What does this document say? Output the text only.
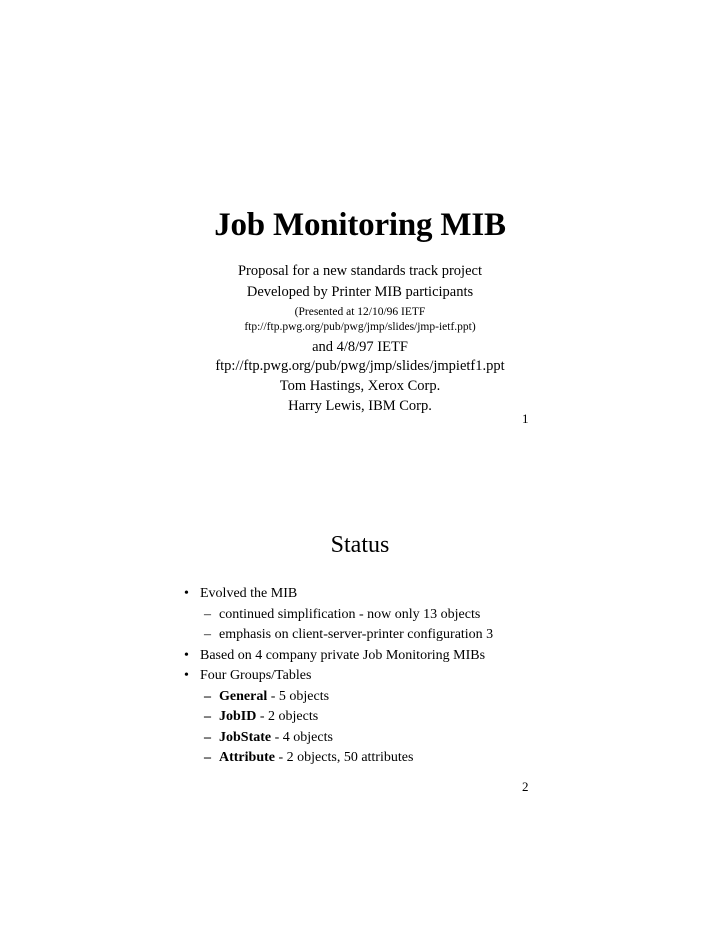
Job Monitoring MIB
Proposal for a new standards track project
Developed by Printer MIB participants
(Presented at 12/10/96 IETF
ftp://ftp.pwg.org/pub/pwg/jmp/slides/jmp-ietf.ppt)
and 4/8/97 IETF
ftp://ftp.pwg.org/pub/pwg/jmp/slides/jmpietf1.ppt
Tom Hastings, Xerox Corp.
Harry Lewis, IBM Corp.
1
Status
• Evolved the MIB
– continued simplification - now only 13 objects
– emphasis on client-server-printer configuration 3
• Based on 4 company private Job Monitoring MIBs
• Four Groups/Tables
– General - 5 objects
– JobID - 2 objects
– JobState - 4 objects
– Attribute - 2 objects, 50 attributes
2
